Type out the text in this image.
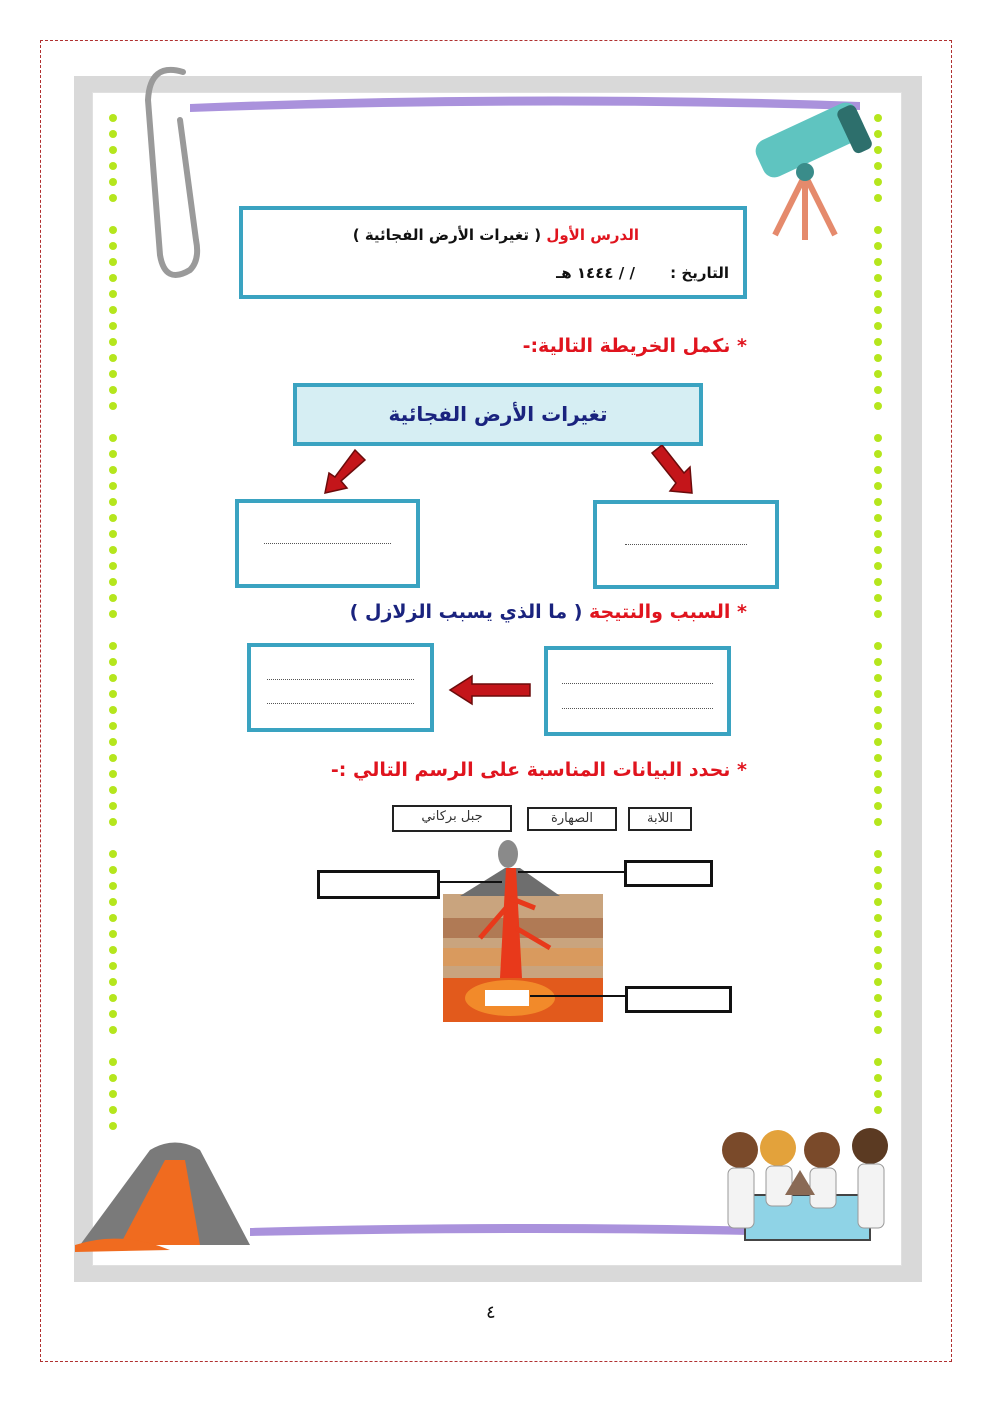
الدرس الأول ( تغيرات الأرض الفجائية )
التاريخ : / / ١٤٤٤ هـ
* نكمل الخريطة التالية:-
تغيرات الأرض الفجائية
* السبب والنتيجة ( ما الذي يسبب الزلازل )
* نحدد البيانات المناسبة على الرسم التالي :-
اللابة
الصهارة
جبل بركاني
٤
